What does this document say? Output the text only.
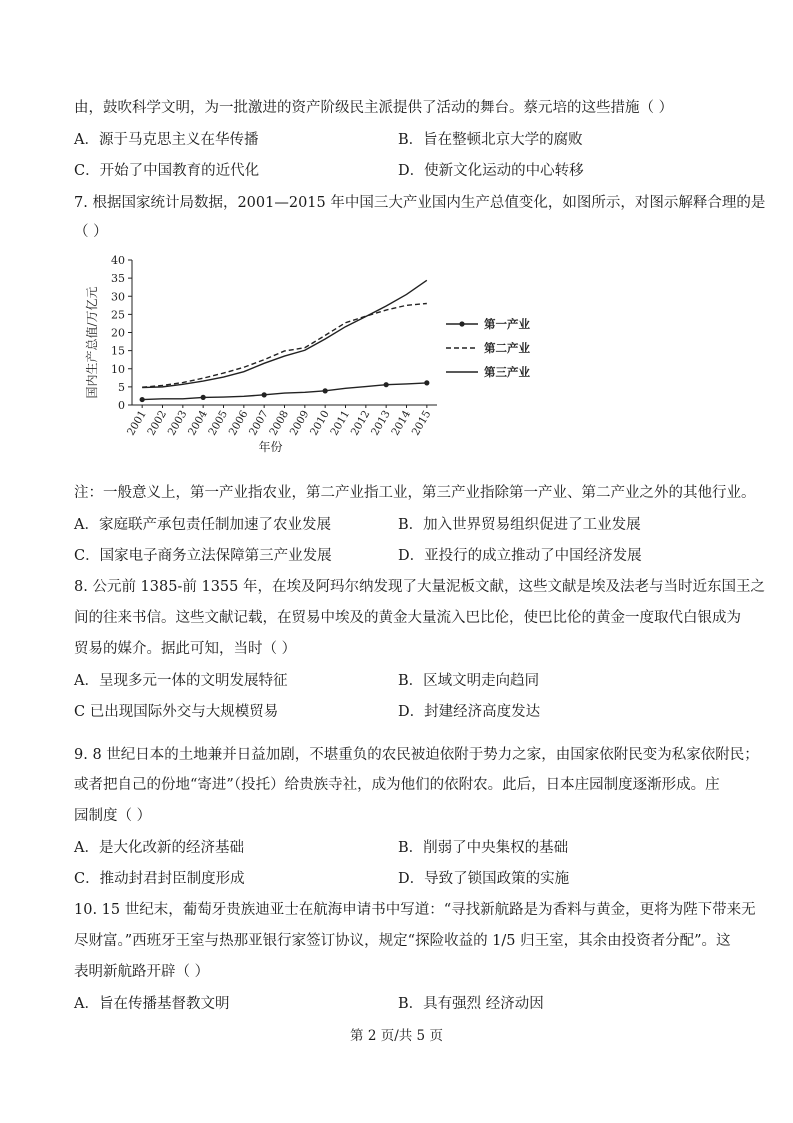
由，鼓吹科学文明，为一批激进的资产阶级民主派提供了活动的舞台。蔡元培的这些措施（ ）
A．源于马克思主义在华传播	B．旨在整顿北京大学的腐败
C．开始了中国教育的近代化	D．使新文化运动的中心转移
7. 根据国家统计局数据，2001—2015 年中国三大产业国内生产总值变化，如图所示，对图示解释合理的是
（ ）
0
5
10
15
20
25
30
35
40
2001
2002
2003
2004
2005
2006
2007
2008
2009
2010
2011
2012
2013
2014
2015
国内生产总值/万亿元
年份
第一产业
第二产业
第三产业
注：一般意义上，第一产业指农业，第二产业指工业，第三产业指除第一产业、第二产业之外的其他行业。
A．家庭联产承包责任制加速了农业发展	B．加入世界贸易组织促进了工业发展
C．国家电子商务立法保障第三产业发展	D．亚投行的成立推动了中国经济发展
8. 公元前 1385-前 1355 年，在埃及阿玛尔纳发现了大量泥板文献，这些文献是埃及法老与当时近东国王之
间的往来书信。这些文献记载，在贸易中埃及的黄金大量流入巴比伦，使巴比伦的黄金一度取代白银成为
贸易的媒介。据此可知，当时（ ）
A．呈现多元一体的文明发展特征	B．区域文明走向趋同
C 已出现国际外交与大规模贸易	D．封建经济高度发达
9. 8 世纪日本的土地兼并日益加剧，不堪重负的农民被迫依附于势力之家，由国家依附民变为私家依附民；
或者把自己的份地“寄进”（投托）给贵族寺社，成为他们的依附农。此后，日本庄园制度逐渐形成。庄
园制度（ ）
A．是大化改新的经济基础	B．削弱了中央集权的基础
C．推动封君封臣制度形成	D．导致了锁国政策的实施
10. 15 世纪末，葡萄牙贵族迪亚士在航海申请书中写道：“寻找新航路是为香料与黄金，更将为陛下带来无
尽财富。”西班牙王室与热那亚银行家签订协议，规定“探险收益的 1/5 归王室，其余由投资者分配”。这
表明新航路开辟（ ）
A．旨在传播基督教文明	B．具有强烈 经济动因
第 2 页/共 5 页
